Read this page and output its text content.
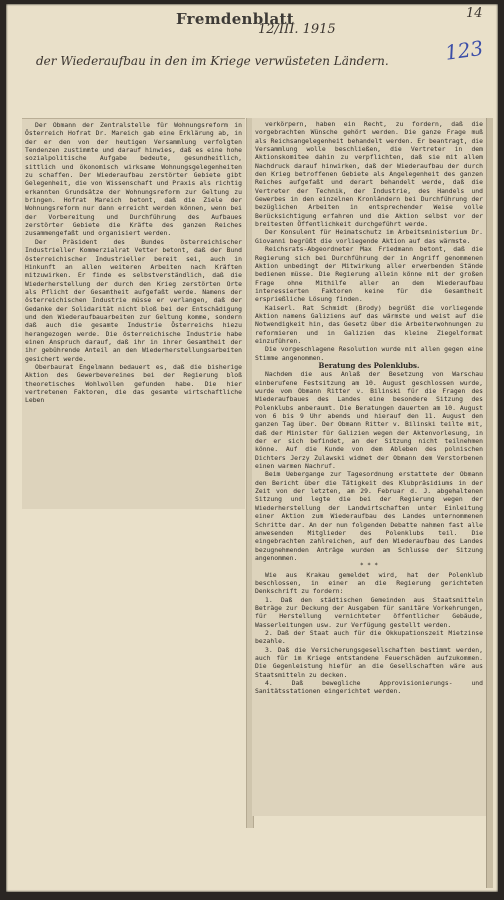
Fremdenblatt
12/III. 1915
14
123
der Wiederaufbau in den im Kriege verwüsteten Ländern.

Der Obmann der Zentralstelle für Wohnungsreform in Österreich Hofrat Dr. Mareich gab eine Erklärung ab, in der er den von der heutigen Versammlung verfolgten Tendenzen zustimmte und darauf hinwies, daß es eine hohe sozialpolitische Aufgabe bedeute, gesundheitlich, sittlich und ökonomisch wirksame Wohnungsgelegenheiten zu schaffen. Der Wiederaufbau zerstörter Gebiete gibt Gelegenheit, die von Wissenschaft und Praxis als richtig erkannten Grundsätze der Wohnungsreform zur Geltung zu bringen. Hofrat Mareich betont, daß die Ziele der Wohnungsreform nur dann erreicht werden können, wenn bei der Vorbereitung und Durchführung des Aufbaues zerstörter Gebiete die Kräfte des ganzen Reiches zusammengefaßt und organisiert werden.

Der Präsident des Bundes österreichischer Industrieller Kommerzialrat Vetter betont, daß der Bund österreichischer Industrieller bereit sei, auch in Hinkunft an allen weiteren Arbeiten nach Kräften mitzuwirken. Er finde es selbstverständlich, daß die Wiederherstellung der durch den Krieg zerstörten Orte als Pflicht der Gesamtheit aufgefaßt werde. Namens der österreichischen Industrie müsse er verlangen, daß der Gedanke der Solidarität nicht bloß bei der Entschädigung und den Wiederaufbauarbeiten zur Geltung komme, sondern daß auch die gesamte Industrie Österreichs hiezu herangezogen werde. Die österreichische Industrie habe einen Anspruch darauf, daß ihr in ihrer Gesamtheit der ihr gebührende Anteil an den Wiederherstellungsarbeiten gesichert werde.

Oberbaurat Engelmann bedauert es, daß die bisherige Aktion des Gewerbevereines bei der Regierung bloß theoretisches Wohlwollen gefunden habe. Die hier vertretenen Faktoren, die das gesamte wirtschaftliche Leben

verkörpern, haben ein Recht, zu fordern, daß die vorgebrachten Wünsche gehört werden. Die ganze Frage muß als Reichsangelegenheit behandelt werden. Er beantragt, die Versammlung wolle beschließen, die Vertreter in dem Aktionskomitee dahin zu verpflichten, daß sie mit allem Nachdruck darauf hinwirken, daß der Wiederaufbau der durch den Krieg betroffenen Gebiete als Angelegenheit des ganzen Reiches aufgefaßt und derart behandelt werde, daß die Vertreter der Technik, der Industrie, des Handels und Gewerbes in den einzelnen Kronländern bei Durchführung der bezüglichen Arbeiten in entsprechender Weise volle Berücksichtigung erfahren und die Aktion selbst vor der breitesten Öffentlichkeit durchgeführt werde.

Der Konsulent für Heimatschutz im Arbeitsministerium Dr. Giovanni begrüßt die vorliegende Aktion auf das wärmste.

Reichsrats-Abgeordneter Max Friedmann betont, daß die Regierung sich bei Durchführung der in Angriff genommenen Aktion unbedingt der Mitwirkung aller erwerbenden Stände bedienen müsse. Die Regierung allein könne mit der großen Frage ohne Mithilfe aller an dem Wiederaufbau interessierten Faktoren keine für die Gesamtheit ersprießliche Lösung finden.

Kaiserl. Rat Schmidt (Brody) begrüßt die vorliegende Aktion namens Galiziens auf das wärmste und weist auf die Notwendigkeit hin, das Gesetz über die Arbeiterwohnungen zu reformieren und in Galizien das kleine Ziegelformat einzuführen.

Die vorgeschlagene Resolution wurde mit allen gegen eine Stimme angenommen.

Beratung des Polenklubs.

Nachdem die aus Anlaß der Besetzung von Warschau einberufene Festsitzung am 10. August geschlossen wurde, wurde vom Obmann Ritter v. Bilinski für die Fragen des Wiederaufbaues des Landes eine besondere Sitzung des Polenklubs anberaumt. Die Beratungen dauerten am 10. August von 6 bis 9 Uhr abends und hierauf den 11. August den ganzen Tag über. Der Obmann Ritter v. Bilinski teilte mit, daß der Minister für Galizien wegen der Aktenvorlesung, in der er sich befindet, an der Sitzung nicht teilnehmen könne. Auf die Kunde von dem Ableben des polnischen Dichters Jerzy Zulawski widmet der Obmann dem Verstorbenen einen warmen Nachruf.

Beim Uebergange zur Tagesordnung erstattete der Obmann den Bericht über die Tätigkeit des Klubpräsidiums in der Zeit von der letzten, am 29. Februar d. J. abgehaltenen Sitzung und legte die bei der Regierung wegen der Wiederherstellung der Landwirtschaften unter Einleitung einer Aktion zum Wiederaufbau des Landes unternommenen Schritte dar. An der nun folgenden Debatte nahmen fast alle anwesenden Mitglieder des Polenklubs teil. Die eingebrachten zahlreichen, auf den Wiederaufbau des Landes bezugnehmenden Anträge wurden am Schlusse der Sitzung angenommen.

* * *

Wie aus Krakau gemeldet wird, hat der Polenklub beschlossen, in einer an die Regierung gerichteten Denkschrift zu fordern:

1. Daß den städtischen Gemeinden aus Staatsmitteln Beträge zur Deckung der Ausgaben für sanitäre Vorkehrungen, für Herstellung vernichteter öffentlicher Gebäude, Wasserleitungen usw. zur Verfügung gestellt werden.

2. Daß der Staat auch für die Okkupationszeit Mietzinse bezahle.

3. Daß die Versicherungsgesellschaften bestimmt werden, auch für im Kriege entstandene Feuerschäden aufzukommen. Die Gegenleistung hiefür an die Gesellschaften wäre aus Staatsmitteln zu decken.

4. Daß bewegliche Approvisionierungs- und Sanitätsstationen eingerichtet werden.
